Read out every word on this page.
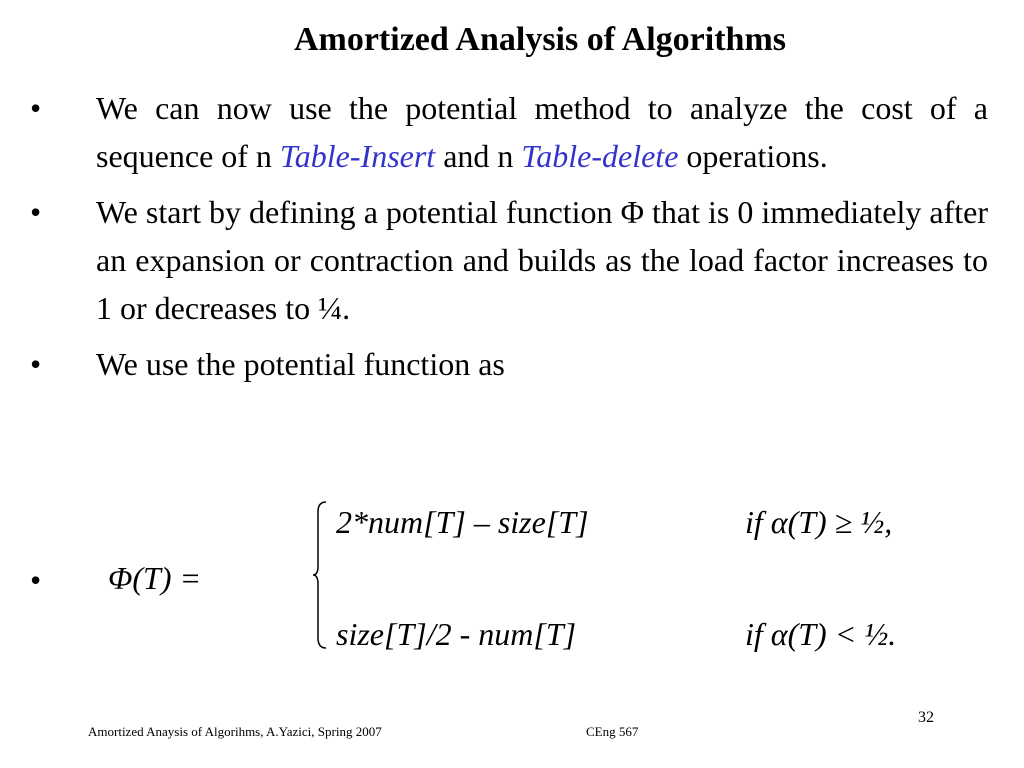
Amortized Analysis of Algorithms
• We can now use the potential method to analyze the cost of a sequence of n Table-Insert and n Table-delete operations.
• We start by defining a potential function Φ that is 0 immediately after an expansion or contraction and builds as the load factor increases to 1 or decreases to ¼.
• We use the potential function as
• Φ(T) =
2*num[T] – size[T]	if α(T) ≥ ½,
size[T]/2 - num[T]	if α(T) < ½.
Amortized Anaysis of Algorihms, A.Yazici, Spring 2007	CEng 567
32
